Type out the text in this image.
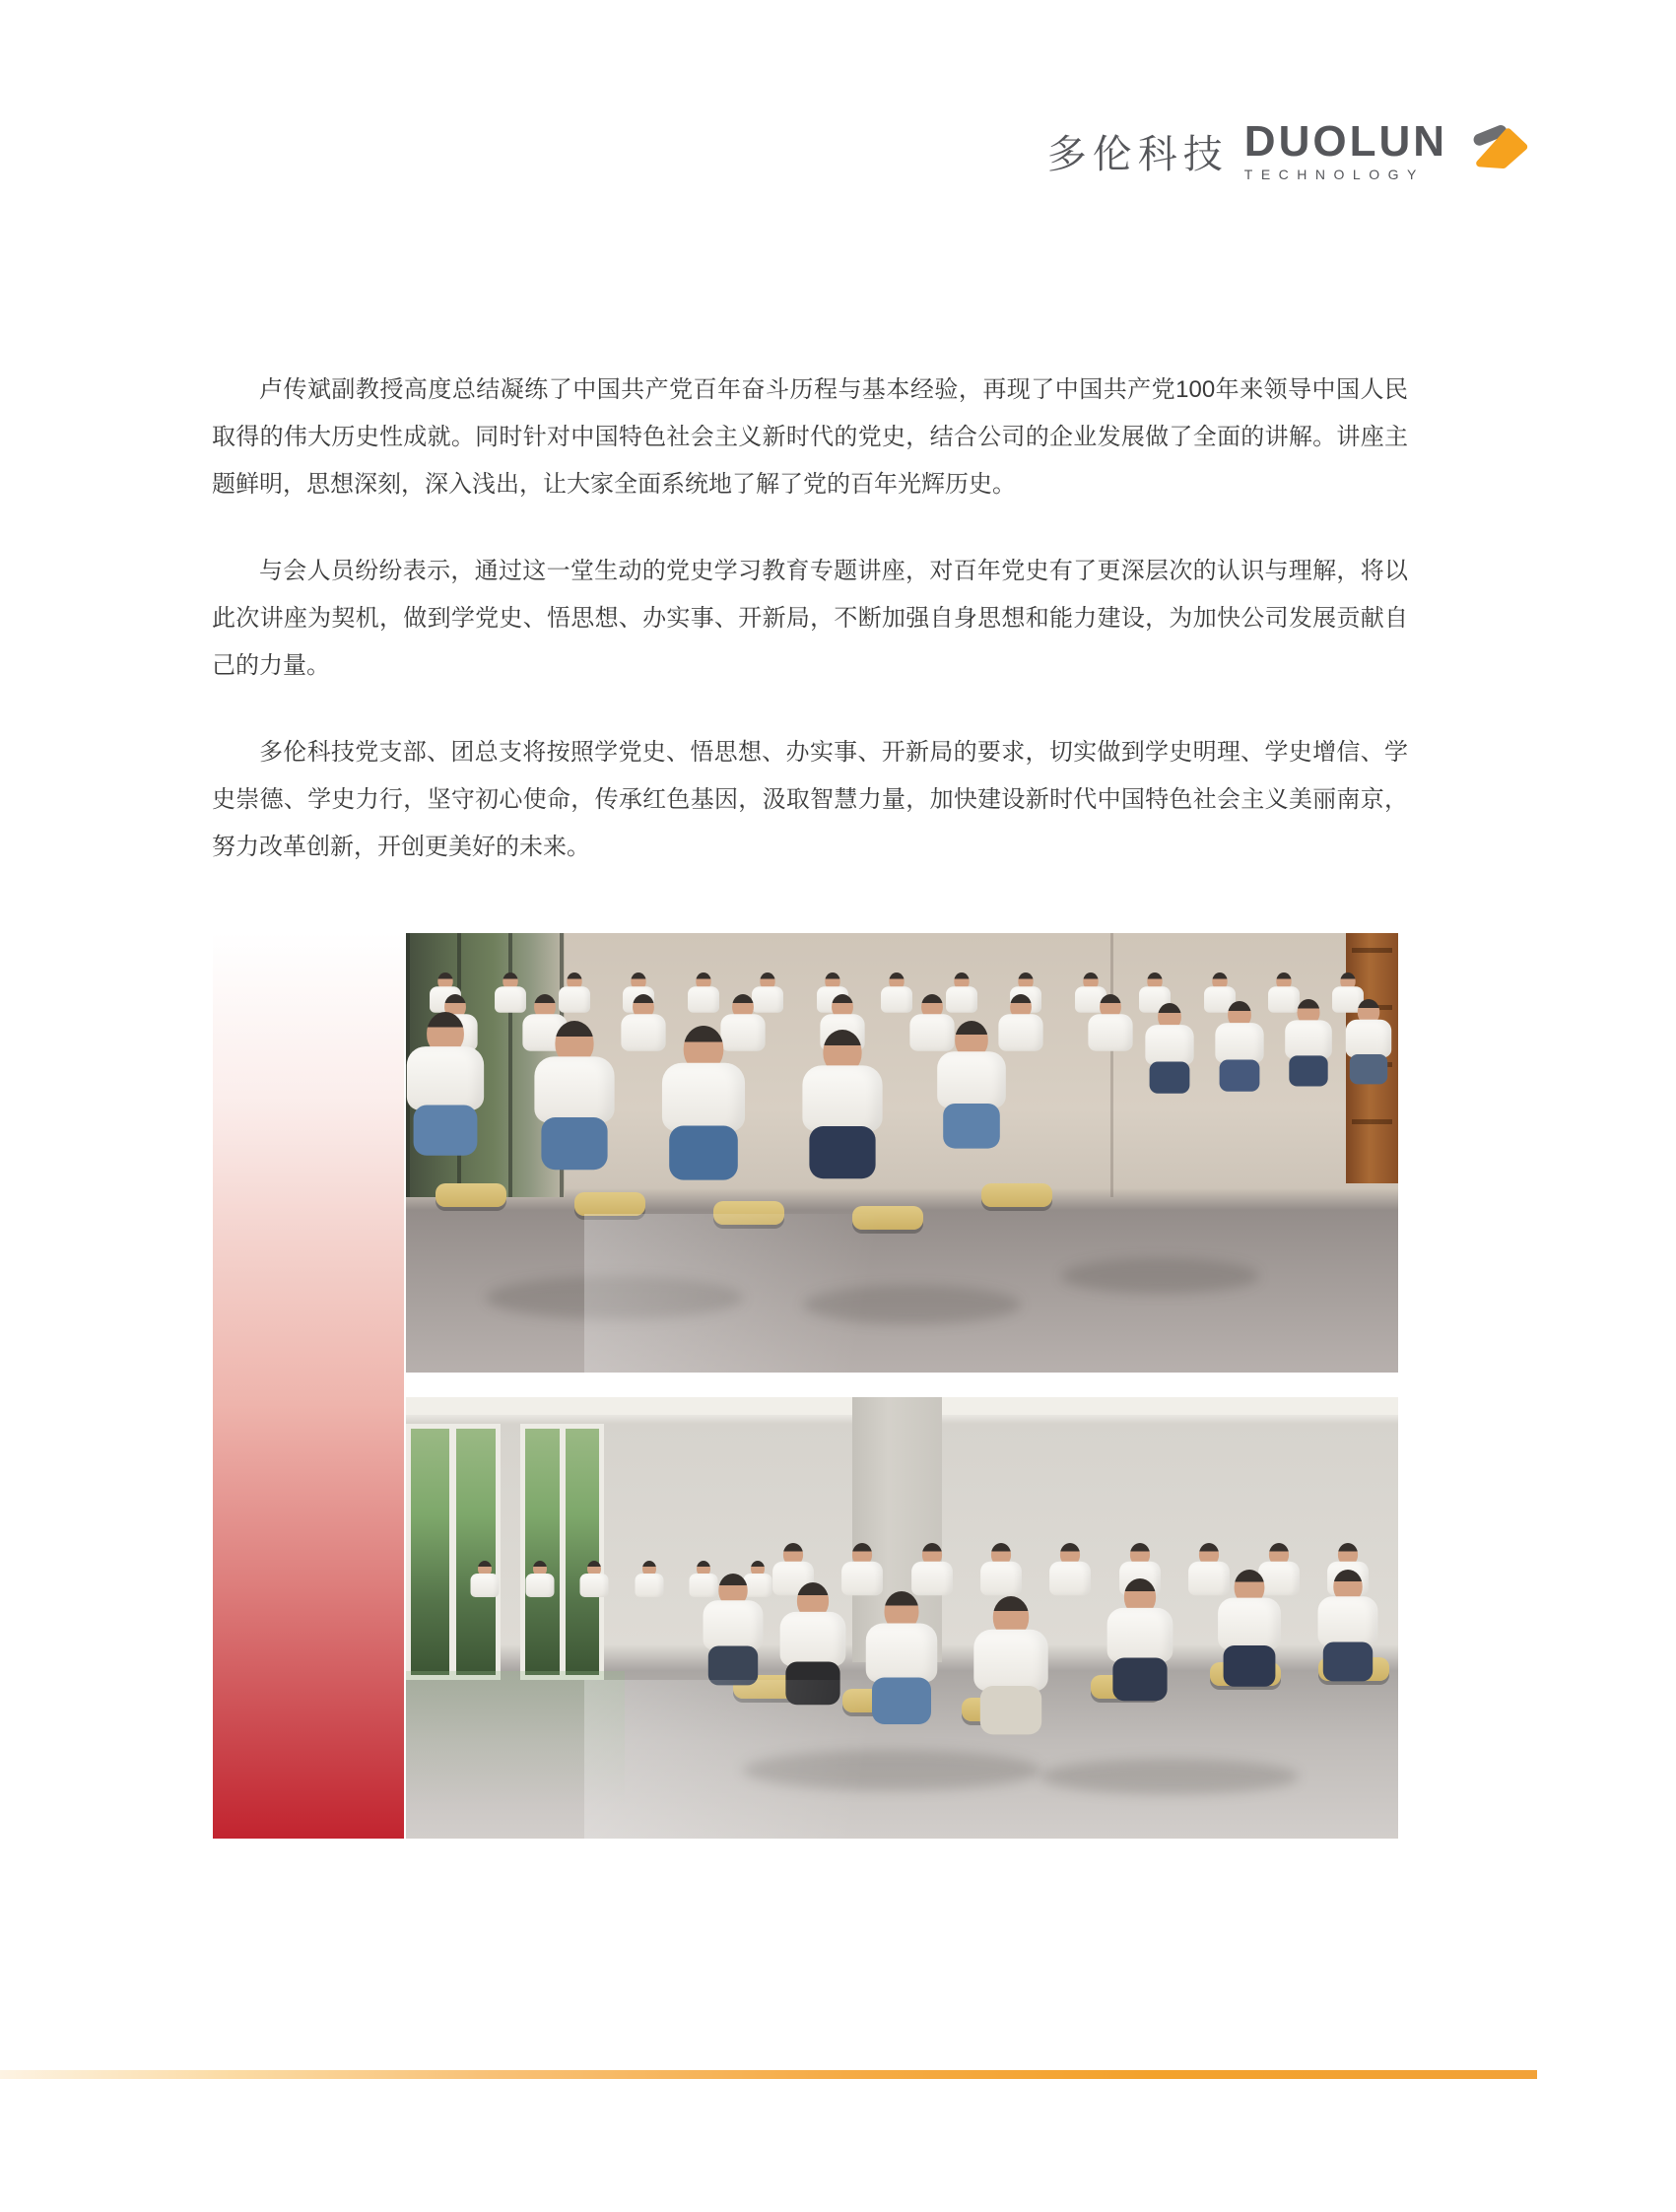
多伦科技 DUOLUN
TECHNOLOGY

卢传斌副教授高度总结凝练了中国共产党百年奋斗历程与基本经验，再现了中国共产党100年来领导中国人民取得的伟大历史性成就。同时针对中国特色社会主义新时代的党史，结合公司的企业发展做了全面的讲解。讲座主题鲜明，思想深刻，深入浅出，让大家全面系统地了解了党的百年光辉历史。

与会人员纷纷表示，通过这一堂生动的党史学习教育专题讲座，对百年党史有了更深层次的认识与理解，将以此次讲座为契机，做到学党史、悟思想、办实事、开新局，不断加强自身思想和能力建设，为加快公司发展贡献自己的力量。

多伦科技党支部、团总支将按照学党史、悟思想、办实事、开新局的要求，切实做到学史明理、学史增信、学史崇德、学史力行，坚守初心使命，传承红色基因，汲取智慧力量，加快建设新时代中国特色社会主义美丽南京，努力改革创新，开创更美好的未来。
